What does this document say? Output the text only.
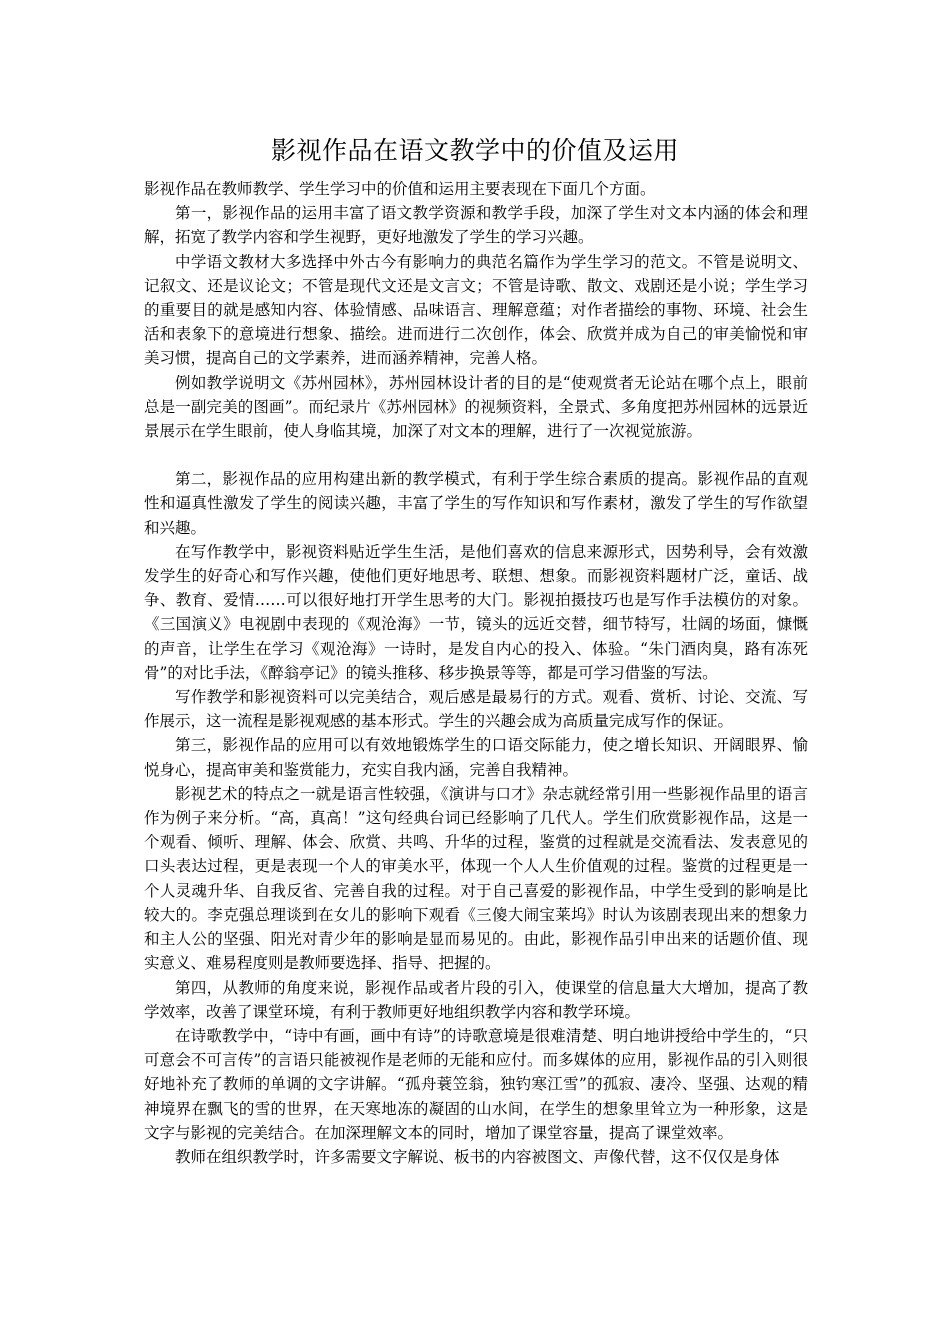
影视作品在语文教学中的价值及运用

影视作品在教师教学、学生学习中的价值和运用主要表现在下面几个方面。

第一，影视作品的运用丰富了语文教学资源和教学手段，加深了学生对文本内涵的体会和理解，拓宽了教学内容和学生视野，更好地激发了学生的学习兴趣。

中学语文教材大多选择中外古今有影响力的典范名篇作为学生学习的范文。不管是说明文、记叙文、还是议论文；不管是现代文还是文言文；不管是诗歌、散文、戏剧还是小说；学生学习的重要目的就是感知内容、体验情感、品味语言、理解意蕴；对作者描绘的事物、环境、社会生活和表象下的意境进行想象、描绘。进而进行二次创作，体会、欣赏并成为自己的审美愉悦和审美习惯，提高自己的文学素养，进而涵养精神，完善人格。

例如教学说明文《苏州园林》，苏州园林设计者的目的是“使观赏者无论站在哪个点上，眼前总是一副完美的图画”。而纪录片《苏州园林》的视频资料，全景式、多角度把苏州园林的远景近景展示在学生眼前，使人身临其境，加深了对文本的理解，进行了一次视觉旅游。

第二，影视作品的应用构建出新的教学模式，有利于学生综合素质的提高。影视作品的直观性和逼真性激发了学生的阅读兴趣，丰富了学生的写作知识和写作素材，激发了学生的写作欲望和兴趣。

在写作教学中，影视资料贴近学生生活，是他们喜欢的信息来源形式，因势利导，会有效激发学生的好奇心和写作兴趣，使他们更好地思考、联想、想象。而影视资料题材广泛，童话、战争、教育、爱情……可以很好地打开学生思考的大门。影视拍摄技巧也是写作手法模仿的对象。《三国演义》电视剧中表现的《观沧海》一节，镜头的远近交替，细节特写，壮阔的场面，慷慨的声音，让学生在学习《观沧海》一诗时，是发自内心的投入、体验。“朱门酒肉臭，路有冻死骨”的对比手法，《醉翁亭记》的镜头推移、移步换景等等，都是可学习借鉴的写法。

写作教学和影视资料可以完美结合，观后感是最易行的方式。观看、赏析、讨论、交流、写作展示，这一流程是影视观感的基本形式。学生的兴趣会成为高质量完成写作的保证。

第三，影视作品的应用可以有效地锻炼学生的口语交际能力，使之增长知识、开阔眼界、愉悦身心，提高审美和鉴赏能力，充实自我内涵，完善自我精神。

影视艺术的特点之一就是语言性较强，《演讲与口才》杂志就经常引用一些影视作品里的语言作为例子来分析。“高，真高！”这句经典台词已经影响了几代人。学生们欣赏影视作品，这是一个观看、倾听、理解、体会、欣赏、共鸣、升华的过程，鉴赏的过程就是交流看法、发表意见的口头表达过程，更是表现一个人的审美水平，体现一个人人生价值观的过程。鉴赏的过程更是一个人灵魂升华、自我反省、完善自我的过程。对于自己喜爱的影视作品，中学生受到的影响是比较大的。李克强总理谈到在女儿的影响下观看《三傻大闹宝莱坞》时认为该剧表现出来的想象力和主人公的坚强、阳光对青少年的影响是显而易见的。由此，影视作品引申出来的话题价值、现实意义、难易程度则是教师要选择、指导、把握的。

第四，从教师的角度来说，影视作品或者片段的引入，使课堂的信息量大大增加，提高了教学效率，改善了课堂环境，有利于教师更好地组织教学内容和教学环境。

在诗歌教学中，“诗中有画，画中有诗”的诗歌意境是很难清楚、明白地讲授给中学生的，“只可意会不可言传”的言语只能被视作是老师的无能和应付。而多媒体的应用，影视作品的引入则很好地补充了教师的单调的文字讲解。“孤舟蓑笠翁，独钓寒江雪”的孤寂、凄冷、坚强、达观的精神境界在飘飞的雪的世界，在天寒地冻的凝固的山水间，在学生的想象里耸立为一种形象，这是文字与影视的完美结合。在加深理解文本的同时，增加了课堂容量，提高了课堂效率。

教师在组织教学时，许多需要文字解说、板书的内容被图文、声像代替，这不仅仅是身体
